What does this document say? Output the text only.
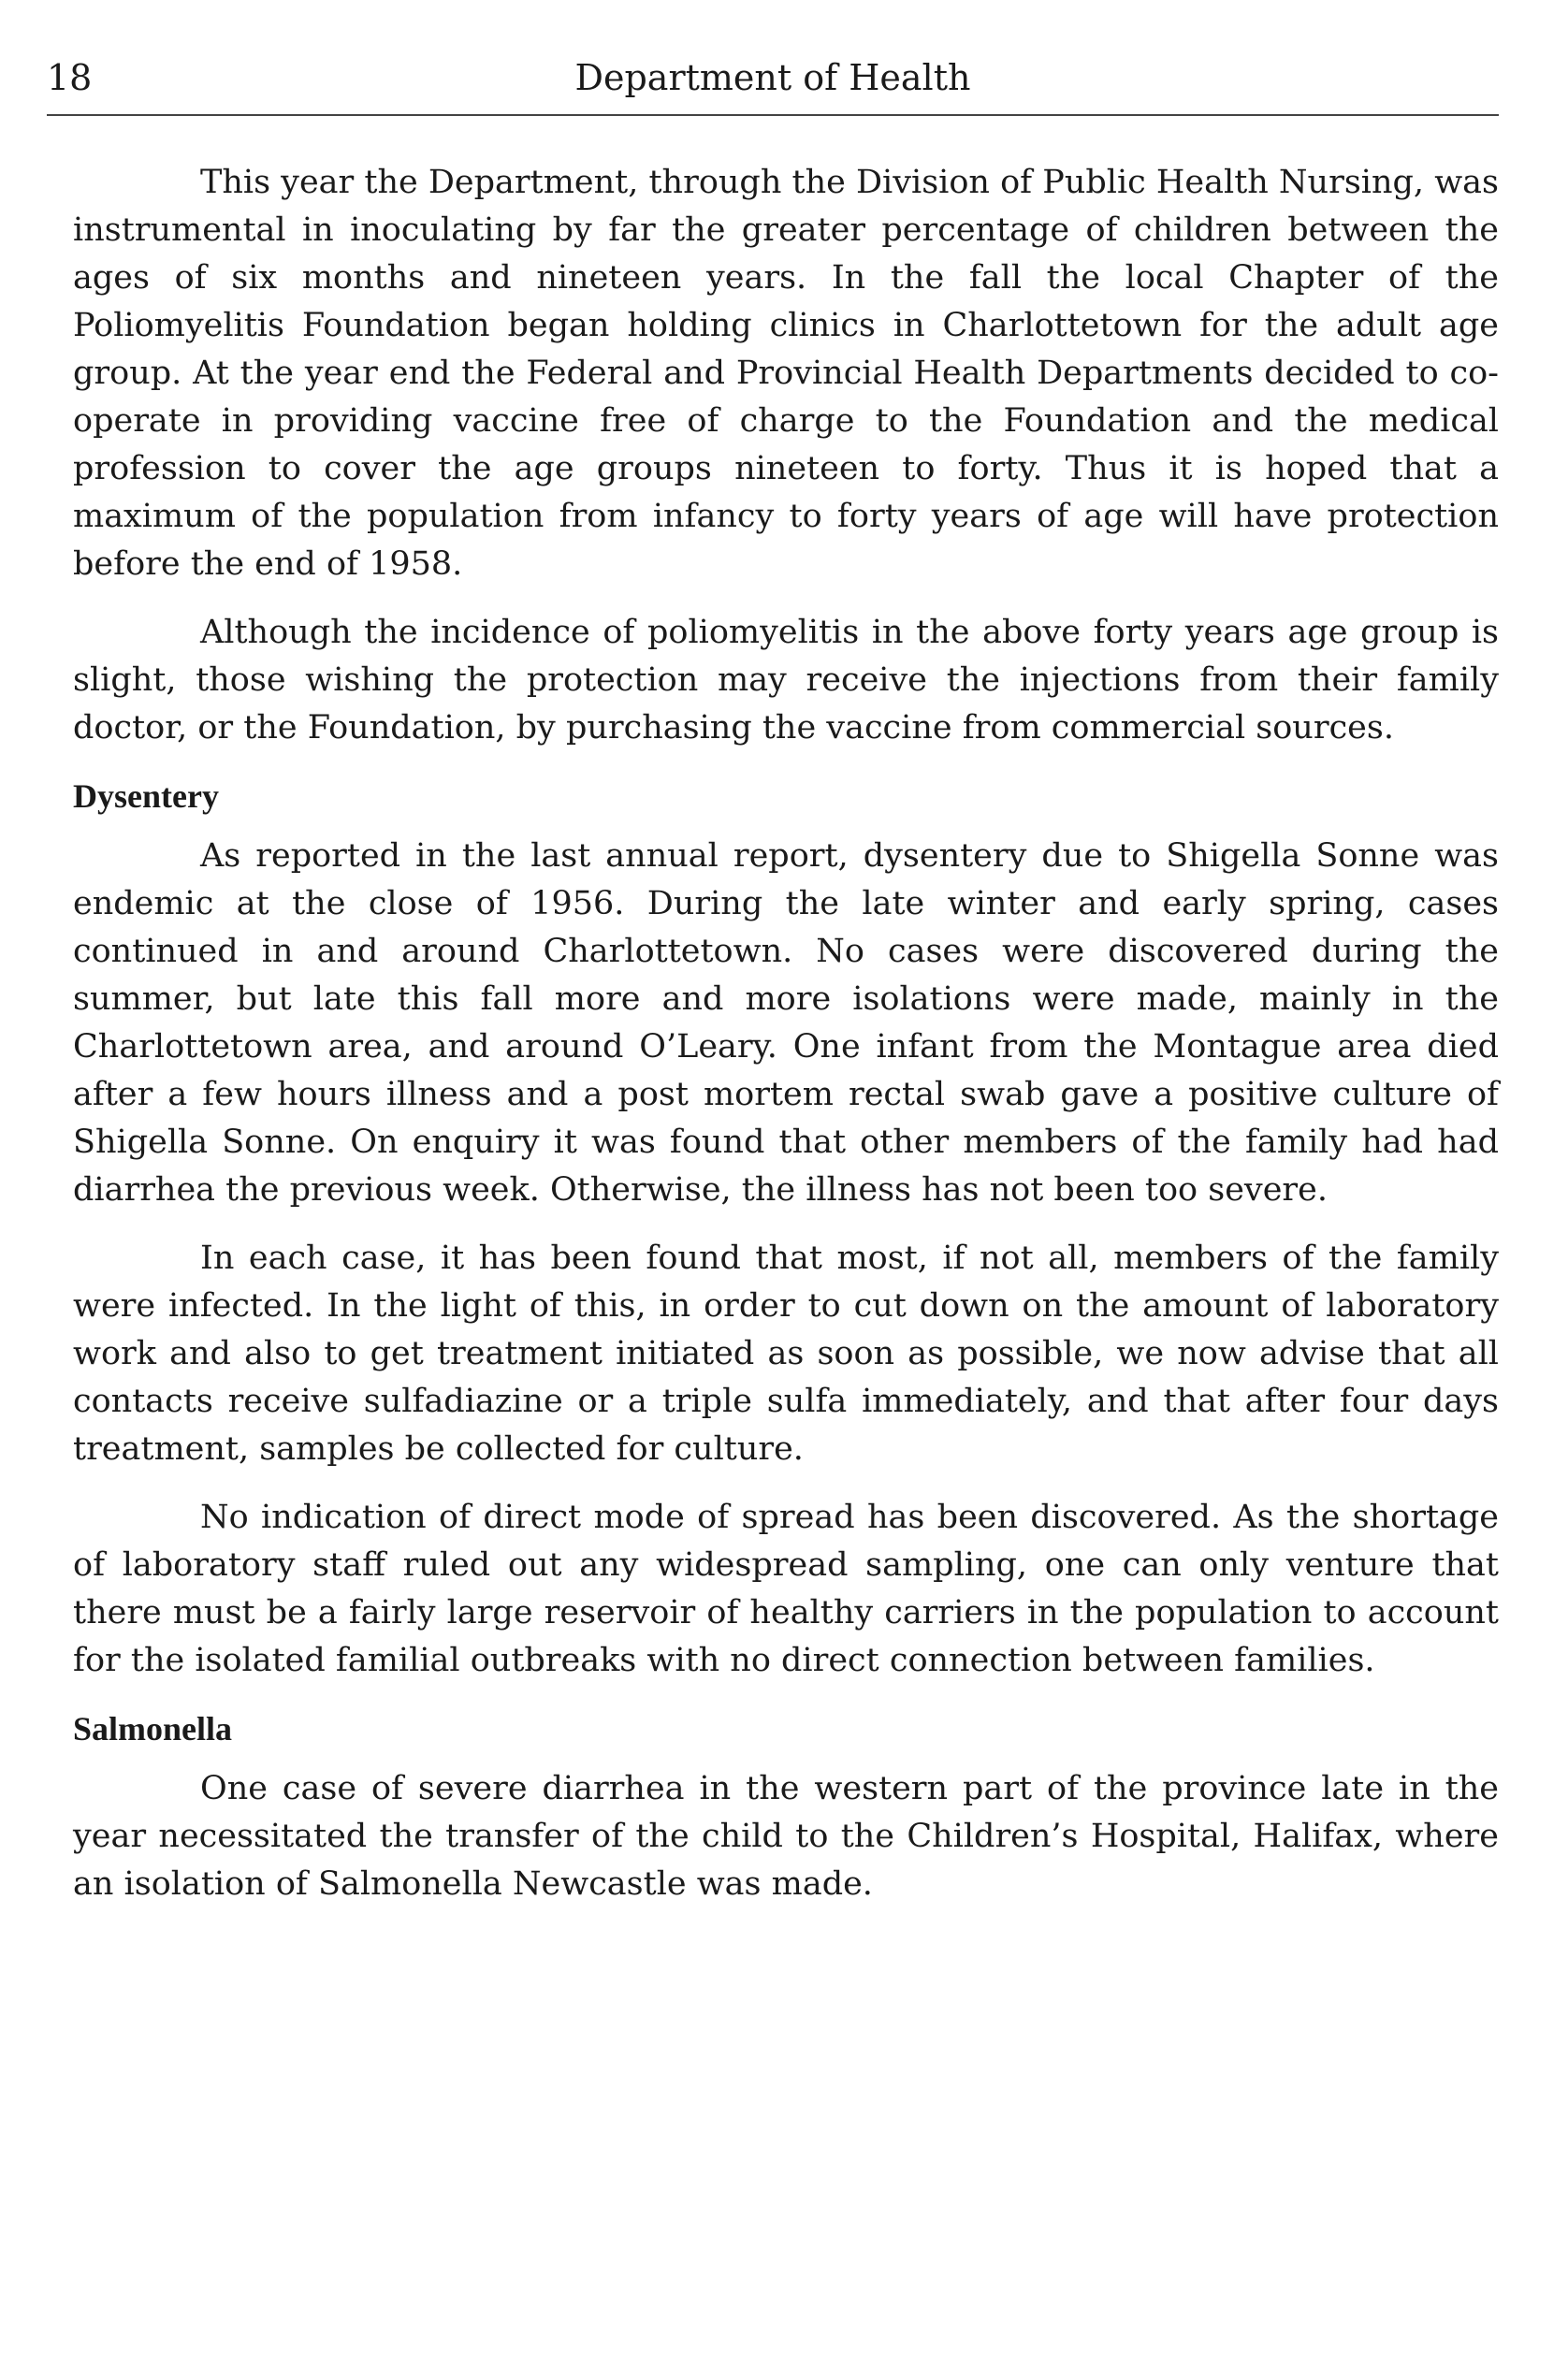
18	Department of Health

This year the Department, through the Division of Public Health Nursing, was instrumental in inoculating by far the greater percentage of children between the ages of six months and nineteen years. In the fall the local Chapter of the Poliomyelitis Foundation began holding clinics in Charlottetown for the adult age group. At the year end the Federal and Provincial Health Departments decided to co-operate in providing vaccine free of charge to the Foundation and the medical profession to cover the age groups nineteen to forty. Thus it is hoped that a maximum of the population from infancy to forty years of age will have protection before the end of 1958.

Although the incidence of poliomyelitis in the above forty years age group is slight, those wishing the protection may receive the injections from their family doctor, or the Foundation, by purchasing the vaccine from commercial sources.

Dysentery

As reported in the last annual report, dysentery due to Shigella Sonne was endemic at the close of 1956. During the late winter and early spring, cases continued in and around Charlottetown. No cases were discovered during the summer, but late this fall more and more isolations were made, mainly in the Charlottetown area, and around O’Leary. One infant from the Montague area died after a few hours illness and a post mortem rectal swab gave a positive culture of Shigella Sonne. On enquiry it was found that other members of the family had had diarrhea the previous week. Otherwise, the illness has not been too severe.

In each case, it has been found that most, if not all, members of the family were infected. In the light of this, in order to cut down on the amount of laboratory work and also to get treatment initiated as soon as possible, we now advise that all contacts receive sulfadiazine or a triple sulfa immediately, and that after four days treatment, samples be collected for culture.

No indication of direct mode of spread has been discovered. As the shortage of laboratory staff ruled out any widespread sampling, one can only venture that there must be a fairly large reservoir of healthy carriers in the population to account for the isolated familial outbreaks with no direct connection between families.

Salmonella

One case of severe diarrhea in the western part of the province late in the year necessitated the transfer of the child to the Children’s Hospital, Halifax, where an isolation of Salmonella Newcastle was made.
